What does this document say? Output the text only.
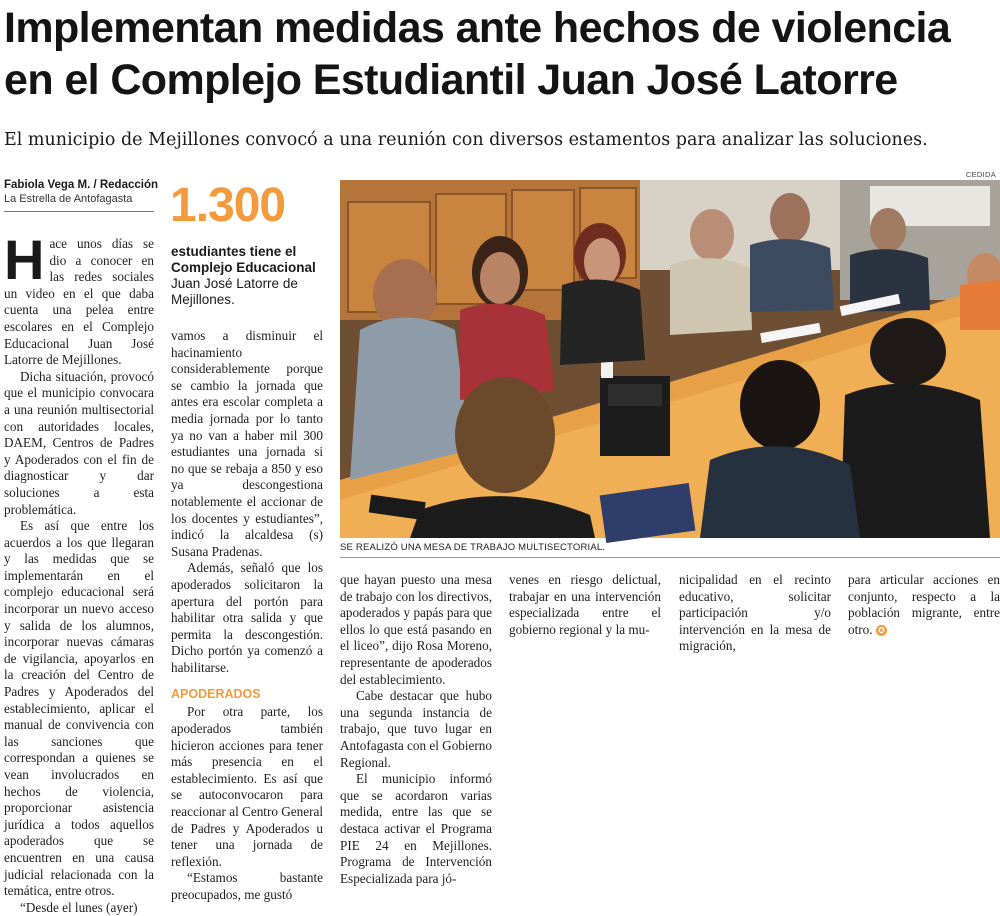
Implementan medidas ante hechos de violencia
en el Complejo Estudiantil Juan José Latorre
El municipio de Mejillones convocó a una reunión con diversos estamentos para analizar las soluciones.
Fabiola Vega M. / Redacción
La Estrella de Antofagasta 1.300
estudiantes tiene el Complejo Educacional Juan José Latorre de Mejillones.
CEDIDA
SE REALIZÓ UNA MESA DE TRABAJO MULTISECTORIAL.
H ace unos días se dio a conocer en las redes sociales un video en el que daba cuenta una pelea entre escolares en el Complejo Educacional Juan José Latorre de Mejillones.

Dicha situación, provocó que el municipio convocara a una reunión multisectorial con autoridades locales, DAEM, Centros de Padres y Apoderados con el fin de diagnosticar y dar soluciones a esta problemática.

Es así que entre los acuerdos a los que llegaran y las medidas que se implementarán en el complejo educacional será incorporar un nuevo acceso y salida de los alumnos, incorporar nuevas cámaras de vigilancia, apoyarlos en la creación del Centro de Padres y Apoderados del establecimiento, aplicar el manual de convivencia con las sanciones que correspondan a quienes se vean involucrados en hechos de violencia, proporcionar asistencia jurídica a todos aquellos apoderados que se encuentren en una causa judicial relacionada con la temática, entre otros.

“Desde el lunes (ayer)

vamos a disminuir el hacinamiento considerablemente porque se cambio la jornada que antes era escolar completa a media jornada por lo tanto ya no van a haber mil 300 estudiantes una jornada si no que se rebaja a 850 y eso ya descongestiona notablemente el accionar de los docentes y estudiantes”, indicó la alcaldesa (s) Susana Pradenas.

Además, señaló que los apoderados solicitaron la apertura del portón para habilitar otra salida y que permita la descongestión. Dicho portón ya comenzó a habilitarse.

APODERADOS

Por otra parte, los apoderados también hicieron acciones para tener más presencia en el establecimiento. Es así que se autoconvocaron para reaccionar al Centro General de Padres y Apoderados u tener una jornada de reflexión.

“Estamos bastante preocupados, me gustó

que hayan puesto una mesa de trabajo con los directivos, apoderados y papás para que ellos lo que está pasando en el liceo”, dijo Rosa Moreno, representante de apoderados del establecimiento.

Cabe destacar que hubo una segunda instancia de trabajo, que tuvo lugar en Antofagasta con el Gobierno Regional.

El municipio informó que se acordaron varias medida, entre las que se destaca activar el Programa PIE 24 en Mejillones. Programa de Intervención Especializada para jó-

venes en riesgo delictual, trabajar en una intervención especializada entre el gobierno regional y la mu-

nicipalidad en el recinto educativo, solicitar participación y/o intervención en la mesa de migración,

para articular acciones en conjunto, respecto a la población migrante, entre otro. ✪
